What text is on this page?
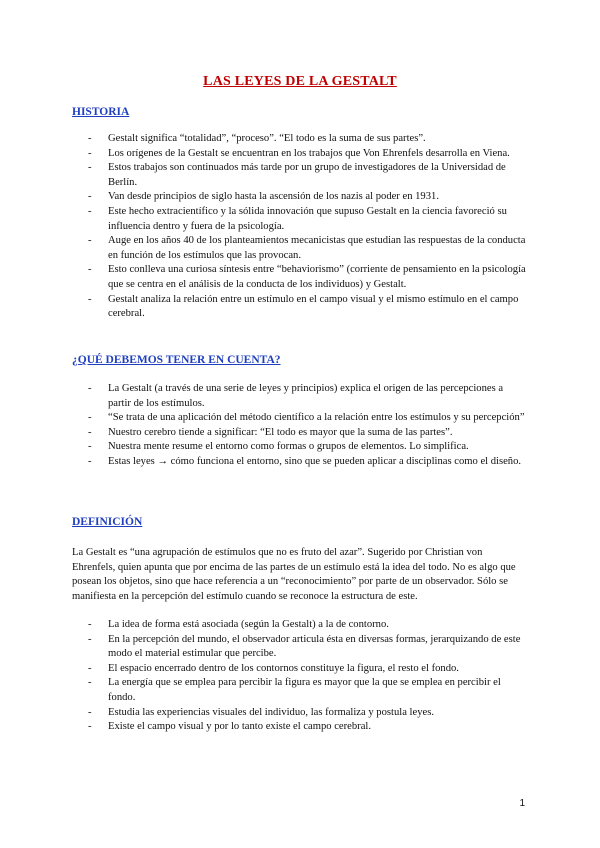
LAS LEYES DE LA GESTALT
HISTORIA
- Gestalt significa “totalidad”, “proceso”. “El todo es la suma de sus partes”.
- Los orígenes de la Gestalt se encuentran en los trabajos que Von Ehrenfels desarrolla en Viena.
- Estos trabajos son continuados más tarde por un grupo de investigadores de la Universidad de Berlín.
- Van desde principios de siglo hasta la ascensión de los nazis al poder en 1931.
- Este hecho extracientífico y la sólida innovación que supuso Gestalt en la ciencia favoreció su influencia dentro y fuera de la psicología.
- Auge en los años 40 de los planteamientos mecanicistas que estudian las respuestas de la conducta en función de los estímulos que las provocan.
- Esto conlleva una curiosa síntesis entre “behaviorismo” (corriente de pensamiento en la psicología que se centra en el análisis de la conducta de los individuos) y Gestalt.
- Gestalt analiza la relación entre un estímulo en el campo visual y el mismo estímulo en el campo cerebral.
¿QUÉ DEBEMOS TENER EN CUENTA?
- La Gestalt (a través de una serie de leyes y principios) explica el origen de las percepciones a partir de los estímulos.
- “Se trata de una aplicación del método científico a la relación entre los estímulos y su percepción”
- Nuestro cerebro tiende a significar: “El todo es mayor que la suma de las partes”.
- Nuestra mente resume el entorno como formas o grupos de elementos. Lo simplifica.
- Estas leyes → cómo funciona el entorno, sino que se pueden aplicar a disciplinas como el diseño.
DEFINICIÓN

La Gestalt es “una agrupación de estímulos que no es fruto del azar”. Sugerido por Christian von Ehrenfels, quien apunta que por encima de las partes de un estímulo está la idea del todo. No es algo que posean los objetos, sino que hace referencia a un “reconocimiento” por parte de un observador. Sólo se manifiesta en la percepción del estímulo cuando se reconoce la estructura de este.

- La idea de forma está asociada (según la Gestalt) a la de contorno.
- En la percepción del mundo, el observador articula ésta en diversas formas, jerarquizando de este modo el material estimular que percibe.
- El espacio encerrado dentro de los contornos constituye la figura, el resto el fondo.
- La energía que se emplea para percibir la figura es mayor que la que se emplea en percibir el fondo.
- Estudia las experiencias visuales del individuo, las formaliza y postula leyes.
- Existe el campo visual y por lo tanto existe el campo cerebral.
1
